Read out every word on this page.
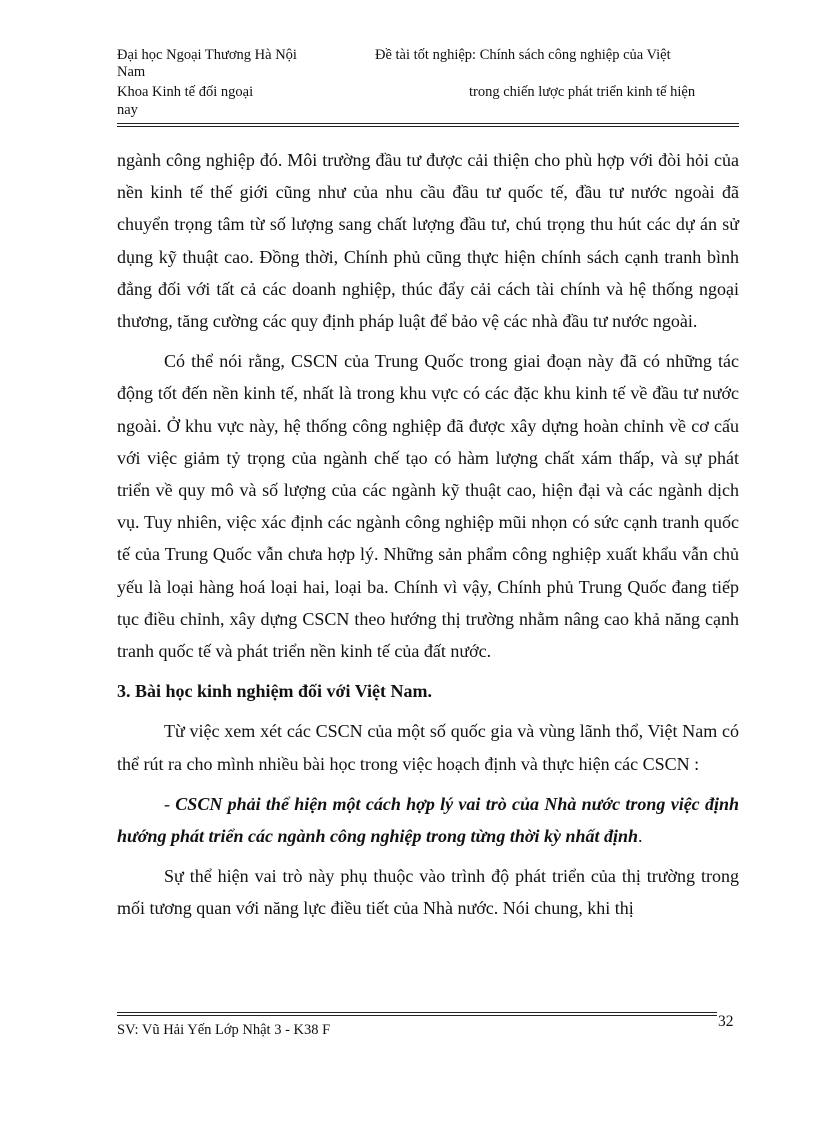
Đại học Ngoại Thương Hà Nội
Nam
Khoa Kinh tế đối ngoại
nay
Đề tài tốt nghiệp: Chính sách công nghiệp của Việt
trong chiến lược phát triển kinh tế hiện

ngành công nghiệp đó. Môi trường đầu tư được cải thiện cho phù hợp với đòi hỏi của nền kinh tế thế giới cũng như của nhu cầu đầu tư quốc tế, đầu tư nước ngoài đã chuyển trọng tâm từ số lượng sang chất lượng đầu tư, chú trọng thu hút các dự án sử dụng kỹ thuật cao. Đồng thời, Chính phủ cũng thực hiện chính sách cạnh tranh bình đẳng đối với tất cả các doanh nghiệp, thúc đẩy cải cách tài chính và hệ thống ngoại thương, tăng cường các quy định pháp luật để bảo vệ các nhà đầu tư nước ngoài.

Có thể nói rằng, CSCN của Trung Quốc trong giai đoạn này đã có những tác động tốt đến nền kinh tế, nhất là trong khu vực có các đặc khu kinh tế về đầu tư nước ngoài. Ở khu vực này, hệ thống công nghiệp đã được xây dựng hoàn chỉnh về cơ cấu với việc giảm tỷ trọng của ngành chế tạo có hàm lượng chất xám thấp, và sự phát triển về quy mô và số lượng của các ngành kỹ thuật cao, hiện đại và các ngành dịch vụ. Tuy nhiên, việc xác định các ngành công nghiệp mũi nhọn có sức cạnh tranh quốc tế của Trung Quốc vẫn chưa hợp lý. Những sản phẩm công nghiệp xuất khẩu vẫn chủ yếu là loại hàng hoá loại hai, loại ba. Chính vì vậy, Chính phủ Trung Quốc đang tiếp tục điều chỉnh, xây dựng CSCN theo hướng thị trường nhằm nâng cao khả năng cạnh tranh quốc tế và phát triển nền kinh tế của đất nước.

3. Bài học kinh nghiệm đối với Việt Nam.

Từ việc xem xét các CSCN của một số quốc gia và vùng lãnh thổ, Việt Nam có thể rút ra cho mình nhiều bài học trong việc hoạch định và thực hiện các CSCN :

- CSCN phải thể hiện một cách hợp lý vai trò của Nhà nước trong việc định hướng phát triển các ngành công nghiệp trong từng thời kỳ nhất định.

Sự thể hiện vai trò này phụ thuộc vào trình độ phát triển của thị trường trong mối tương quan với năng lực điều tiết của Nhà nước. Nói chung, khi thị

SV: Vũ Hải Yến Lớp Nhật 3 - K38 F	32
